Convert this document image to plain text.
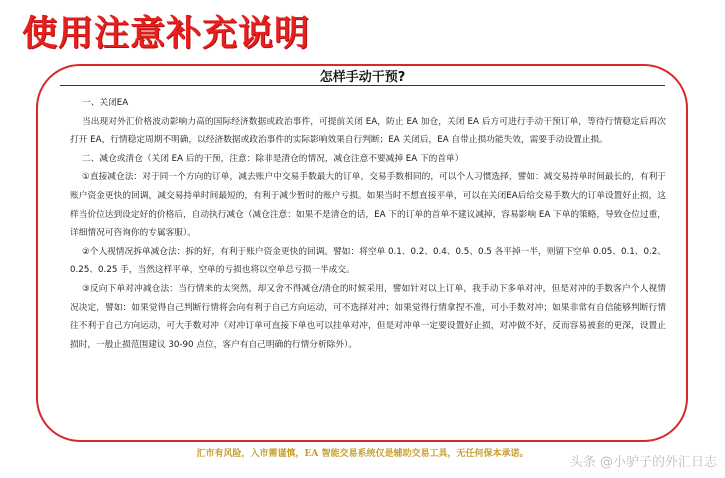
使用注意补充说明
怎样手动干预?

一、关闭EA

当出现对外汇价格波动影响力高的国际经济数据或政治事件，可提前关闭 EA，防止 EA 加仓，关闭 EA 后方可进行手动干预订单，等待行情稳定后再次打开 EA，行情稳定周期不明确，以经济数据或政治事件的实际影响效果自行判断；EA 关闭后，EA 自带止损功能失效，需要手动设置止损。

二、减仓或清仓（关闭 EA 后的干预，注意：除非是清仓的情况，减仓注意不要减掉 EA 下的首单）

①直接减仓法：对于同一个方向的订单，减去账户中交易手数最大的订单，交易手数相同的，可以个人习惯选择，譬如：减交易持单时间最长的，有利于账户资金更快的回调，减交易持单时间最短的，有利于减少暂时的账户亏损。如果当时不想直接平单，可以在关闭EA后给交易手数大的订单设置好止损，这样当价位达到设定好的价格后，自动执行减仓（减仓注意：如果不是清仓的话，EA 下的订单的首单不建议减掉，容易影响 EA 下单的策略，导致仓位过重，详细情况可咨询你的专属客服）。

②个人视情况拆单减仓法：拆的好，有利于账户资金更快的回调。譬如：将空单 0.1、0.2、0.4、0.5、0.5 各平掉一半，则留下空单 0.05、0.1、0.2、0.25、0.25 手，当然这样平单，空单的亏损也将以空单总亏损一半成交。

③反向下单对冲减仓法：当行情来的太突然，却又舍不得减仓/清仓的时候采用，譬如针对以上订单，我手动下多单对冲，但是对冲的手数客户个人视情况决定，譬如：如果觉得自己判断行情将会向有利于自己方向运动，可不选择对冲；如果觉得行情拿捏不准，可小手数对冲；如果非常有自信能够判断行情往不利于自己方向运动，可大手数对冲（对冲订单可直接下单也可以挂单对冲，但是对冲单一定要设置好止损，对冲做不好，反而容易被套的更深，设置止损时，一般止损范围建议 30-90 点位，客户有自己明确的行情分析除外）。

汇市有风险，入市需谨慎，EA 智能交易系统仅是辅助交易工具，无任何保本承诺。
头条 @小驴子的外汇日志
